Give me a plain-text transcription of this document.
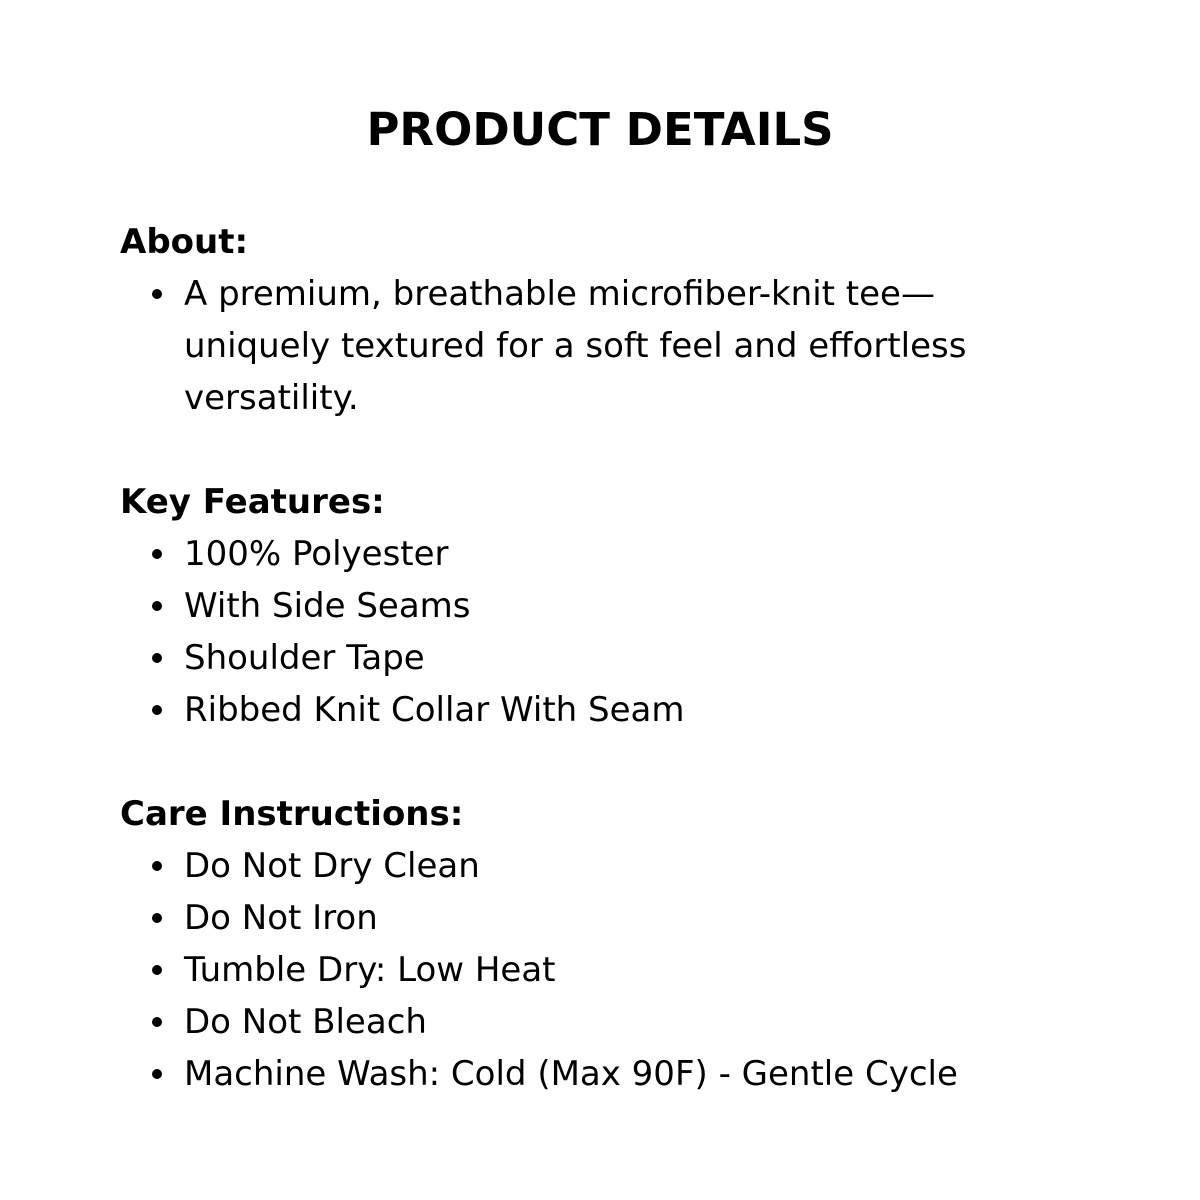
PRODUCT DETAILS
About:
A premium, breathable microfiber-knit tee—uniquely textured for a soft feel and effortless versatility.
Key Features:
100% Polyester
With Side Seams
Shoulder Tape
Ribbed Knit Collar With Seam
Care Instructions:
Do Not Dry Clean
Do Not Iron
Tumble Dry: Low Heat
Do Not Bleach
Machine Wash: Cold (Max 90F) - Gentle Cycle
